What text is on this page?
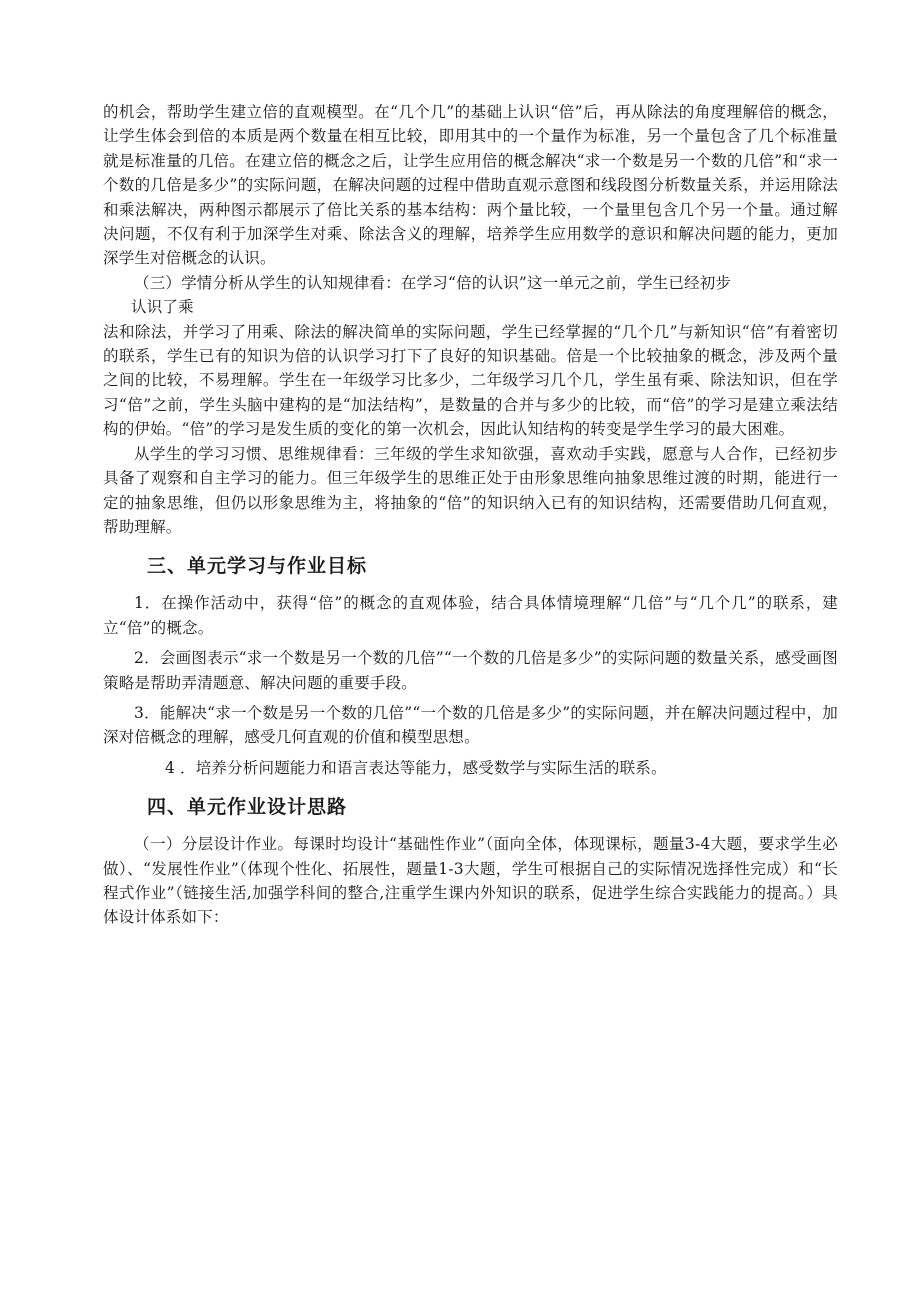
的机会，帮助学生建立倍的直观模型。在“几个几”的基础上认识“倍”后，再从除法的角度理解倍的概念，让学生体会到倍的本质是两个数量在相互比较，即用其中的一个量作为标准，另一个量包含了几个标准量就是标准量的几倍。在建立倍的概念之后，让学生应用倍的概念解决“求一个数是另一个数的几倍”和“求一个数的几倍是多少”的实际问题，在解决问题的过程中借助直观示意图和线段图分析数量关系，并运用除法和乘法解决，两种图示都展示了倍比关系的基本结构：两个量比较，一个量里包含几个另一个量。通过解决问题，不仅有利于加深学生对乘、除法含义的理解，培养学生应用数学的意识和解决问题的能力，更加深学生对倍概念的认识。

（三）学情分析从学生的认知规律看：在学习“倍的认识”这一单元之前，学生已经初步

认识了乘

法和除法，并学习了用乘、除法的解决简单的实际问题，学生已经掌握的“几个几”与新知识“倍”有着密切的联系，学生已有的知识为倍的认识学习打下了良好的知识基础。倍是一个比较抽象的概念，涉及两个量之间的比较，不易理解。学生在一年级学习比多少，二年级学习几个几，学生虽有乘、除法知识，但在学习“倍”之前，学生头脑中建构的是“加法结构”，是数量的合并与多少的比较，而“倍”的学习是建立乘法结构的伊始。“倍”的学习是发生质的变化的第一次机会，因此认知结构的转变是学生学习的最大困难。

从学生的学习习惯、思维规律看：三年级的学生求知欲强，喜欢动手实践，愿意与人合作，已经初步具备了观察和自主学习的能力。但三年级学生的思维正处于由形象思维向抽象思维过渡的时期，能进行一定的抽象思维，但仍以形象思维为主，将抽象的“倍”的知识纳入已有的知识结构，还需要借助几何直观，帮助理解。

三、单元学习与作业目标

1．在操作活动中，获得“倍”的概念的直观体验，结合具体情境理解“几倍”与“几个几”的联系，建立“倍”的概念。

2．会画图表示“求一个数是另一个数的几倍”“一个数的几倍是多少”的实际问题的数量关系，感受画图策略是帮助弄清题意、解决问题的重要手段。

3．能解决“求一个数是另一个数的几倍”“一个数的几倍是多少”的实际问题，并在解决问题过程中，加深对倍概念的理解，感受几何直观的价值和模型思想。

4 ．培养分析问题能力和语言表达等能力，感受数学与实际生活的联系。

四、单元作业设计思路

（一）分层设计作业。每课时均设计“基础性作业”（面向全体，体现课标，题量3-4大题，要求学生必做）、“发展性作业”（体现个性化、拓展性，题量1-3大题，学生可根据自己的实际情况选择性完成）和“长程式作业”（链接生活,加强学科间的整合,注重学生课内外知识的联系，促进学生综合实践能力的提高。）具体设计体系如下：
